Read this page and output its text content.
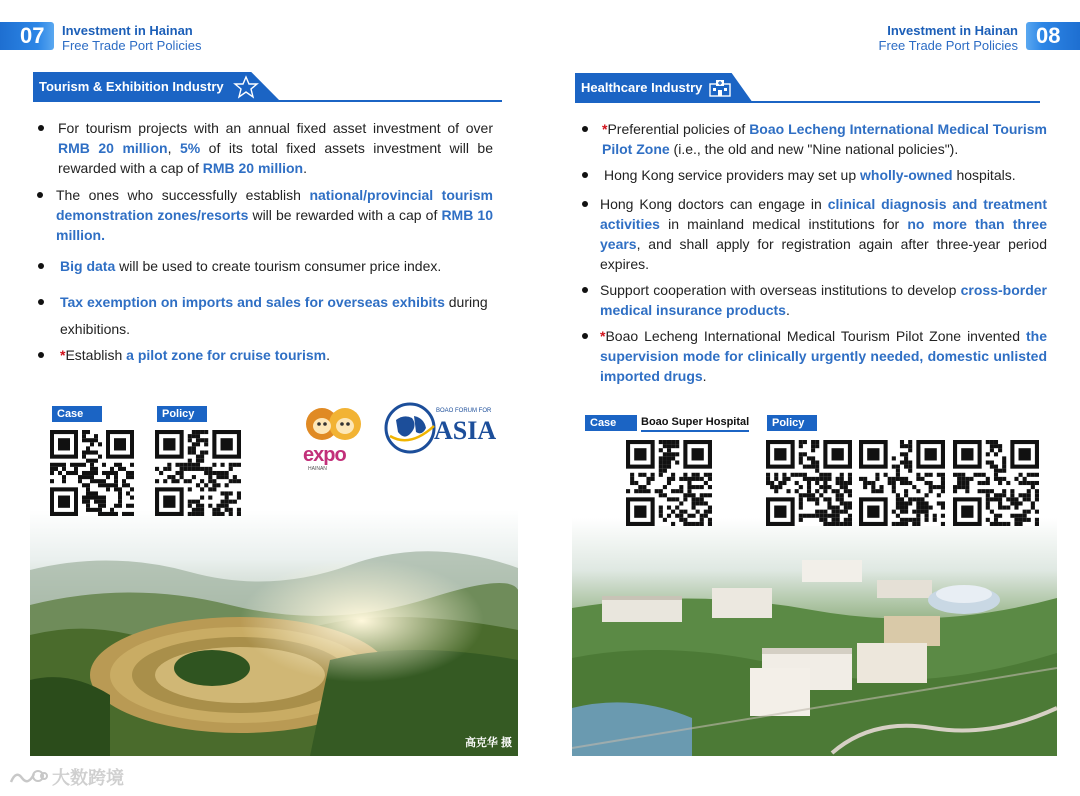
07	Investment in Hainan
Free Trade Port Policies
Tourism & Exhibition Industry
For tourism projects with an annual fixed asset investment of over RMB 20 million, 5% of its total fixed assets investment will be rewarded with a cap of RMB 20 million.
The ones who successfully establish national/provincial tourism demonstration zones/resorts will be rewarded with a cap of RMB 10 million.
Big data will be used to create tourism consumer price index.
Tax exemption on imports and sales for overseas exhibits during exhibitions.
*Establish a pilot zone for cruise tourism.
Case	Policy
高克华 摄
expo
HAINAN
BOAO FORUM FOR
ASIA
08
Investment in Hainan
Free Trade Port Policies
Healthcare Industry
*Preferential policies of Boao Lecheng International Medical Tourism Pilot Zone (i.e., the old and new "Nine national policies").
Hong Kong service providers may set up wholly-owned hospitals.
Hong Kong doctors can engage in clinical diagnosis and treatment activities in mainland medical institutions for no more than three years, and shall apply for registration again after three-year period expires.
Support cooperation with overseas institutions to develop cross-border medical insurance products.
*Boao Lecheng International Medical Tourism Pilot Zone invented the supervision mode for clinically urgently needed, domestic unlisted imported drugs.
Case	Boao Super Hospital	Policy
大数跨境
